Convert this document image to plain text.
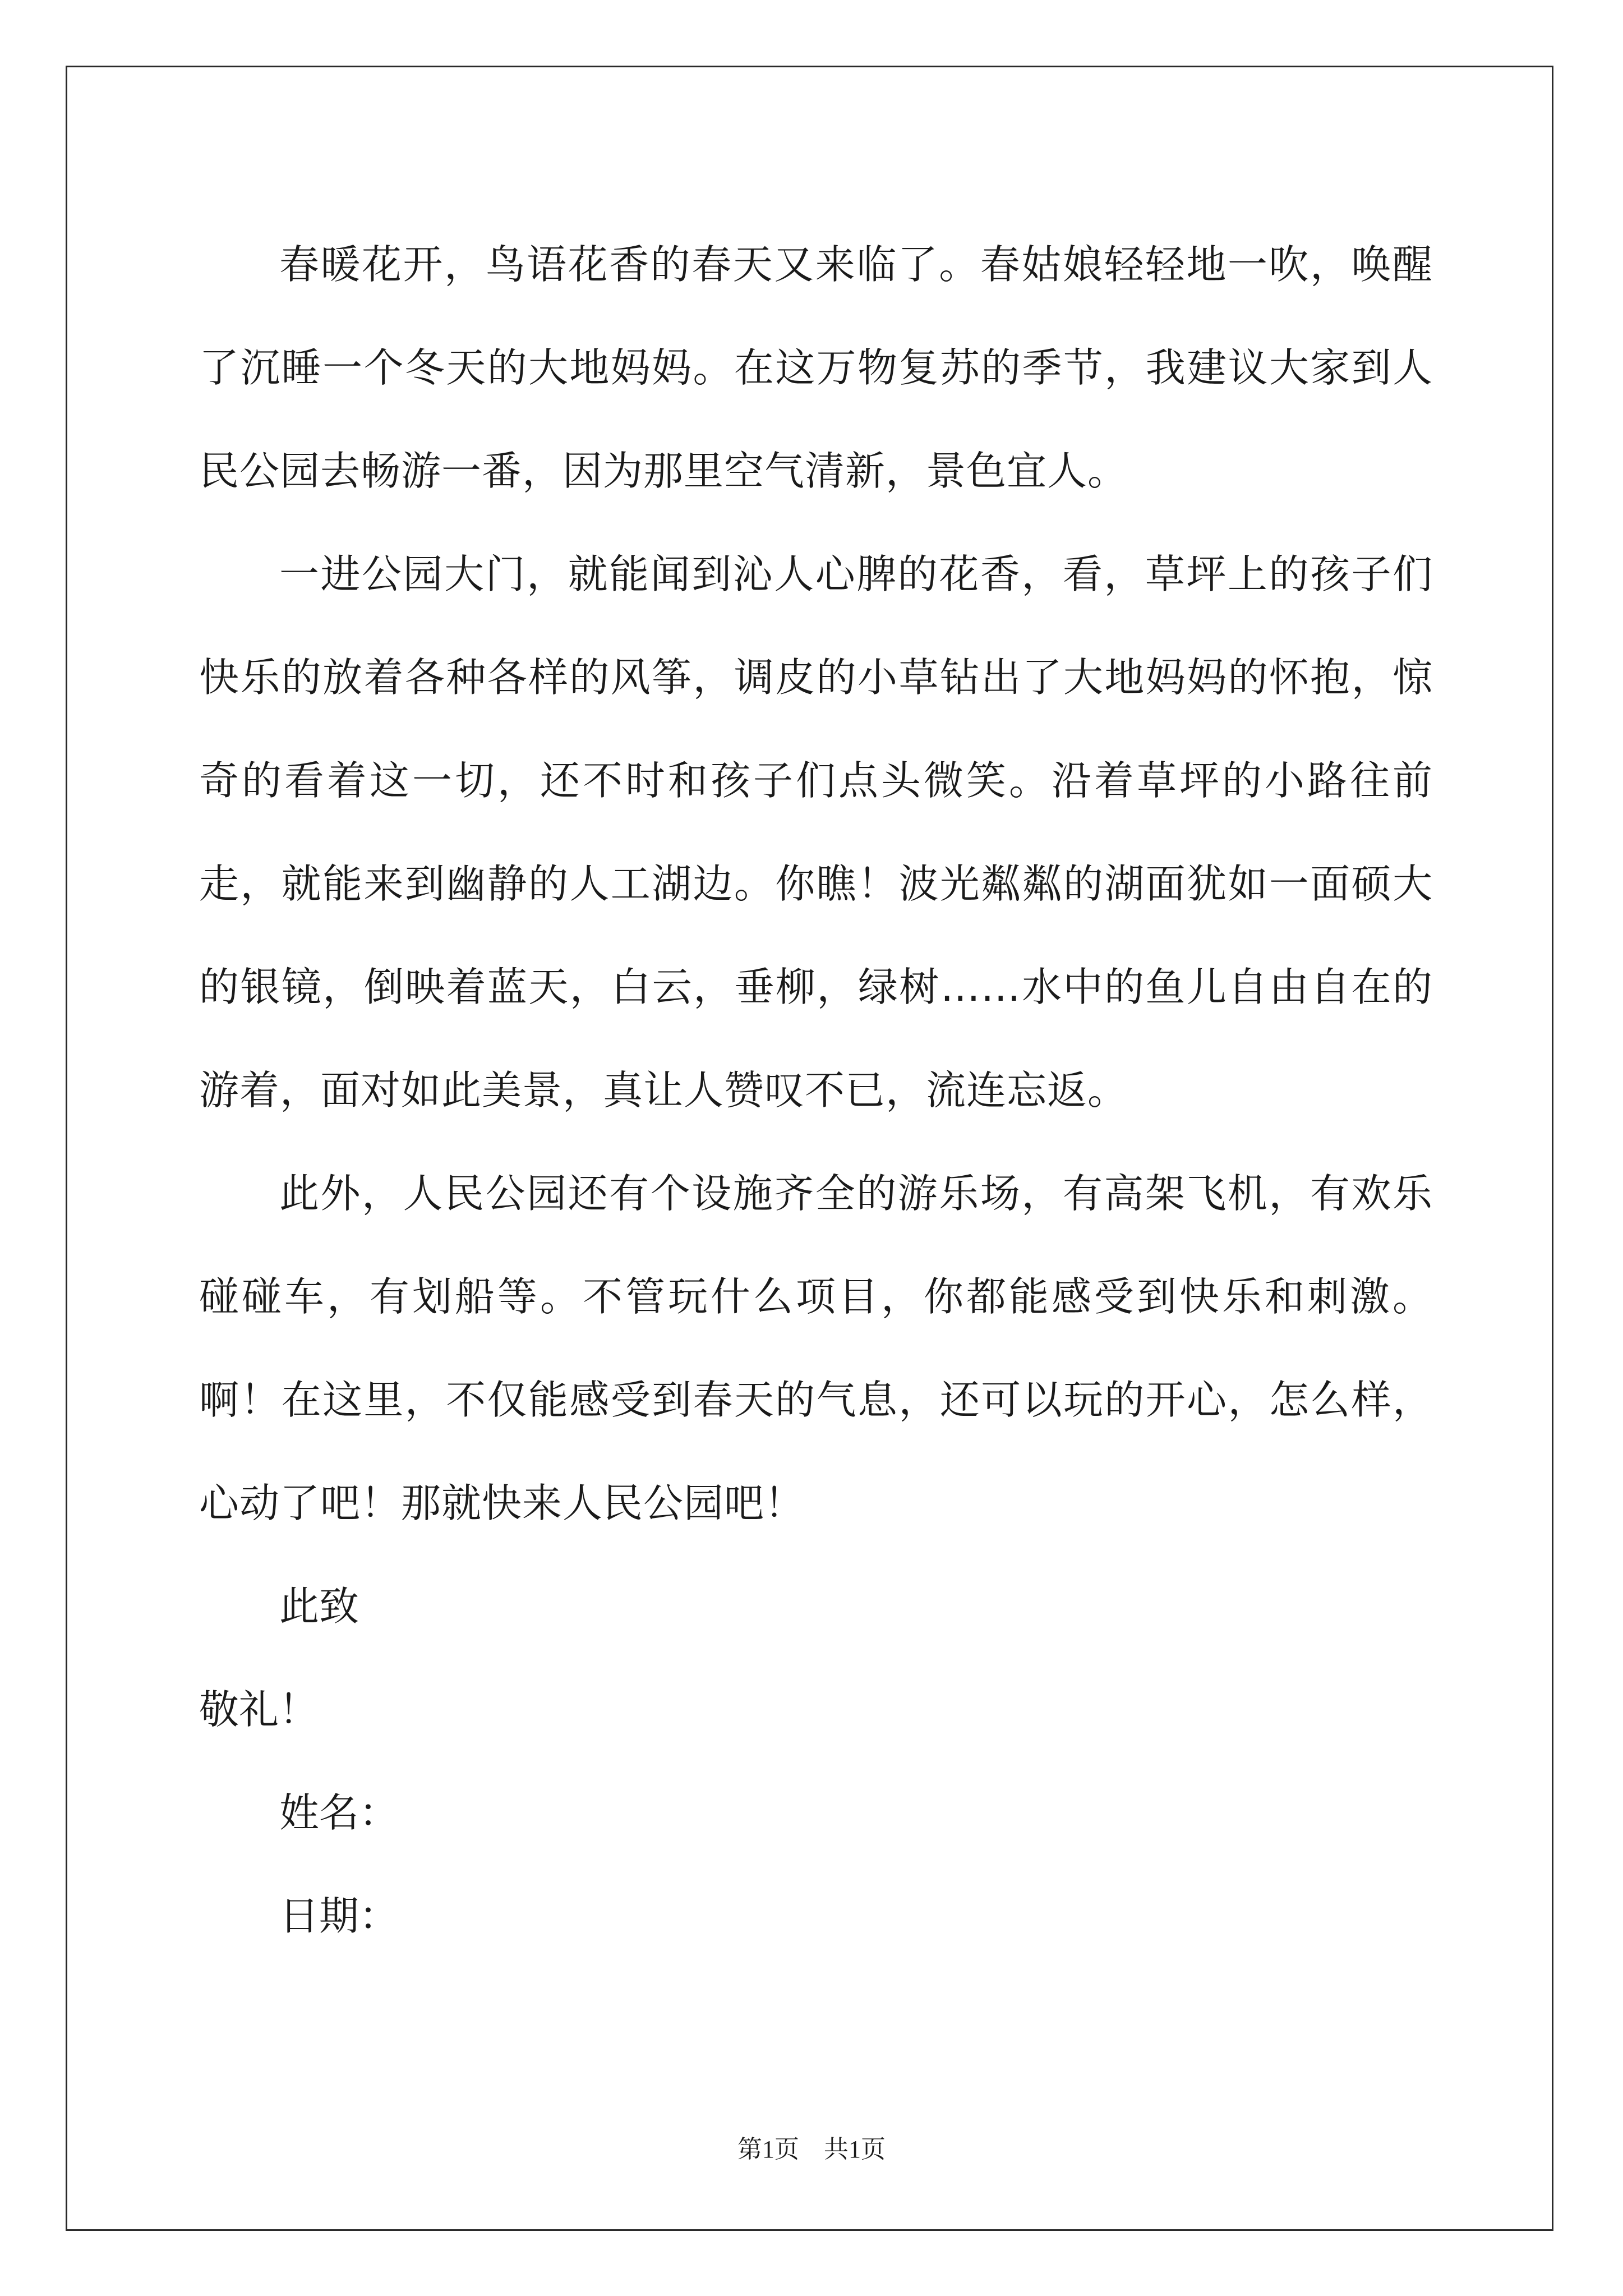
春暖花开，鸟语花香的春天又来临了。春姑娘轻轻地一吹，唤醒了沉睡一个冬天的大地妈妈。在这万物复苏的季节，我建议大家到人民公园去畅游一番，因为那里空气清新，景色宜人。

一进公园大门，就能闻到沁人心脾的花香，看，草坪上的孩子们快乐的放着各种各样的风筝，调皮的小草钻出了大地妈妈的怀抱，惊奇的看着这一切，还不时和孩子们点头微笑。沿着草坪的小路往前走，就能来到幽静的人工湖边。你瞧！波光粼粼的湖面犹如一面硕大的银镜，倒映着蓝天，白云，垂柳，绿树……水中的鱼儿自由自在的游着，面对如此美景，真让人赞叹不已，流连忘返。

此外，人民公园还有个设施齐全的游乐场，有高架飞机，有欢乐碰碰车，有划船等。不管玩什么项目，你都能感受到快乐和刺激。啊！在这里，不仅能感受到春天的气息，还可以玩的开心，怎么样，心动了吧！那就快来人民公园吧！

此致

敬礼！

姓名：

日期：

第1页　共1页
